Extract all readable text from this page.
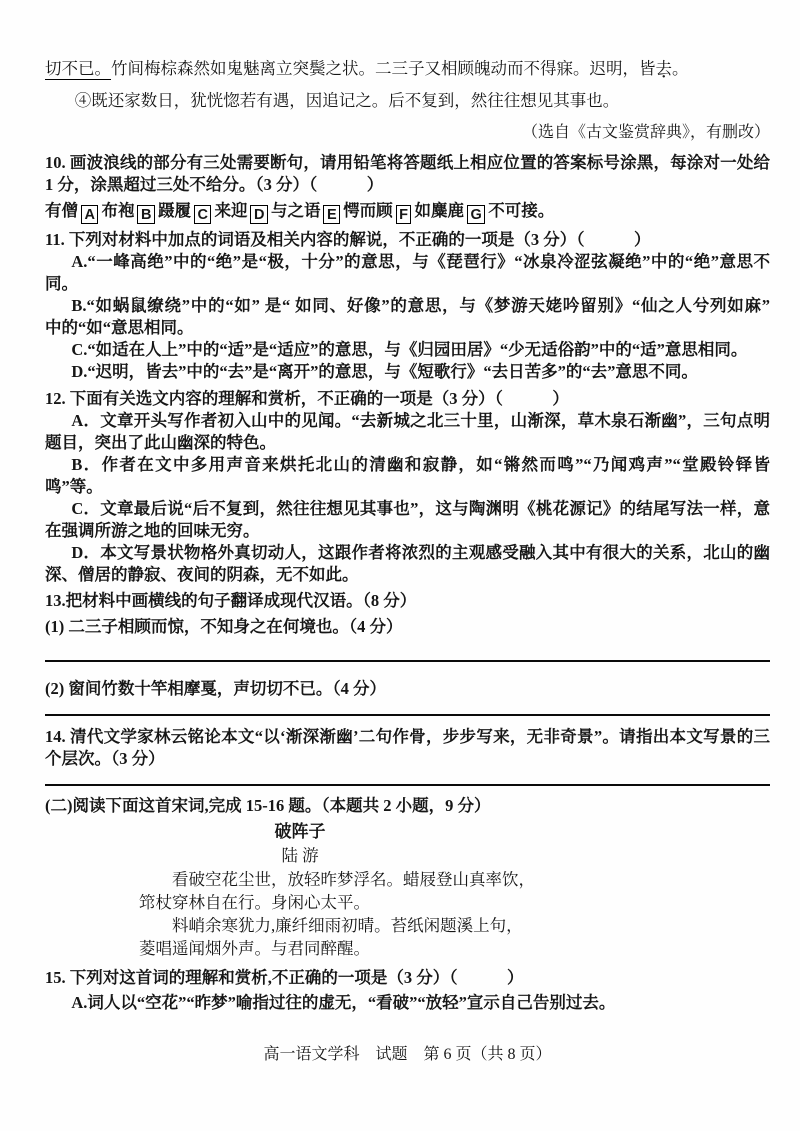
切不已。竹间梅棕森然如鬼魅离立突鬓之状。二三子又相顾魄动而不得寐。迟明，皆去。

④既还家数日，犹恍惚若有遇，因追记之。后不复到，然往往想见其事也。

（选自《古文鉴赏辞典》，有删改）

10. 画波浪线的部分有三处需要断句，请用铅笔将答题纸上相应位置的答案标号涂黑，每涂对一处给 1 分，涂黑超过三处不给分。（3 分）（　　　）

有僧 A 布袍 B 蹑履 C 来迎 D 与之语 E 愕而顾 F 如麋鹿 G 不可接。

11. 下列对材料中加点的词语及相关内容的解说，不正确的一项是（3 分）（　　　）

A.“一峰高绝”中的“绝”是“极，十分”的意思，与《琵琶行》“冰泉冷涩弦凝绝”中的“绝”意思不同。

B.“如蜗鼠缭绕”中的“如” 是“ 如同、好像”的意思，与《梦游天姥吟留别》“仙之人兮列如麻”　中的“如“意思相同。

C.“如适在人上”中的“适”是“适应”的意思，与《归园田居》“少无适俗韵”中的“适”意思相同。

D.“迟明，皆去”中的“去”是“离开”的意思，与《短歌行》“去日苦多”的“去”意思不同。

12. 下面有关选文内容的理解和赏析，不正确的一项是（3 分）（　　　）

A．文章开头写作者初入山中的见闻。“去新城之北三十里，山渐深，草木泉石渐幽”，三句点明题目，突出了此山幽深的特色。

B．作者在文中多用声音来烘托北山的清幽和寂静，如“锵然而鸣”“乃闻鸡声”“堂殿铃铎皆鸣”等。

C．文章最后说“后不复到，然往往想见其事也”，这与陶渊明《桃花源记》的结尾写法一样，意在强调所游之地的回味无穷。

D．本文写景状物格外真切动人，这跟作者将浓烈的主观感受融入其中有很大的关系，北山的幽深、僧居的静寂、夜间的阴森，无不如此。

13.把材料中画横线的句子翻译成现代汉语。（8 分）

(1) 二三子相顾而惊，不知身之在何境也。（4 分）

(2) 窗间竹数十竿相摩戛，声切切不已。（4 分）

14. 清代文学家林云铭论本文“以‘渐深渐幽’二句作骨，步步写来，无非奇景”。请指出本文写景的三个层次。（3 分）

(二)阅读下面这首宋词,完成 15-16 题。（本题共 2 小题，9 分）

破阵子

陆 游

看破空花尘世，放轻昨梦浮名。蜡屐登山真率饮，

筇杖穿林自在行。身闲心太平。

料峭余寒犹力,廉纤细雨初晴。苔纸闲题溪上句，

菱唱遥闻烟外声。与君同醉醒。

15. 下列对这首词的理解和赏析,不正确的一项是（3 分）（　　　）

A.词人以“空花”“昨梦”喻指过往的虚无，“看破”“放轻”宣示自己告别过去。

高一语文学科　试题　第 6 页（共 8 页）
